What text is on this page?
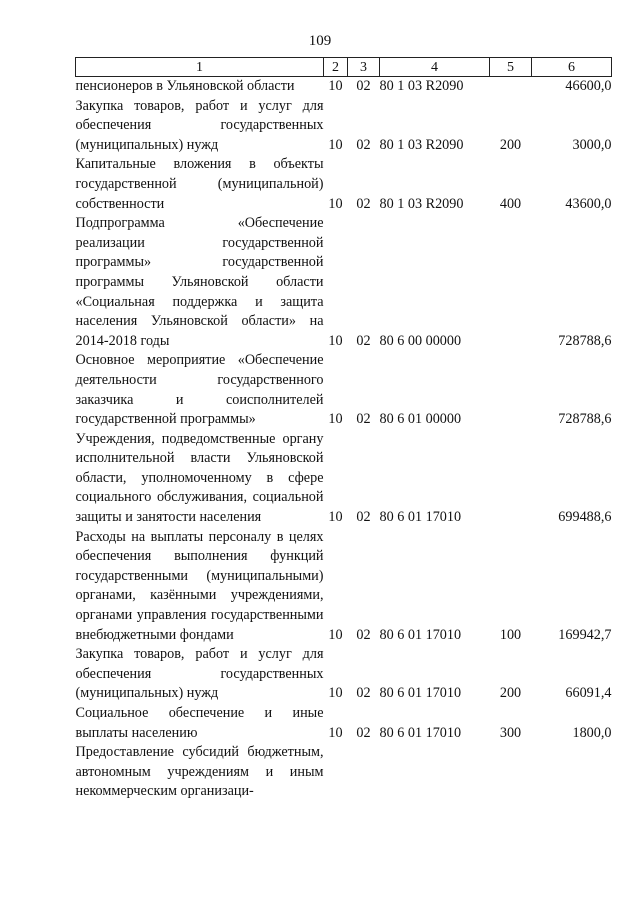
109
1	2	3	4	5	6
пенсионеров в Ульяновской области	10	02	80 1 03 R2090		46600,0
Закупка товаров, работ и услуг для обеспечения государственных (муниципальных) нужд	10	02	80 1 03 R2090	200	3000,0
Капитальные вложения в объекты государственной (муниципальной) собственности	10	02	80 1 03 R2090	400	43600,0
Подпрограмма «Обеспечение реализации государственной программы» государственной программы Ульяновской области «Социальная поддержка и защита населения Ульяновской области» на 2014-2018 годы	10	02	80 6 00 00000		728788,6
Основное мероприятие «Обеспечение деятельности государственного заказчика и соисполнителей государственной программы»	10	02	80 6 01 00000		728788,6
Учреждения, подведомственные органу исполнительной власти Ульяновской области, уполномоченному в сфере социального обслуживания, социальной защиты и занятости населения	10	02	80 6 01 17010		699488,6
Расходы на выплаты персоналу в целях обеспечения выполнения функций государственными (муниципальными) органами, казёнными учреждениями, органами управления государственными внебюджетными фондами	10	02	80 6 01 17010	100	169942,7
Закупка товаров, работ и услуг для обеспечения государственных (муниципальных) нужд	10	02	80 6 01 17010	200	66091,4
Социальное обеспечение и иные выплаты населению	10	02	80 6 01 17010	300	1800,0
Предоставление субсидий бюджетным, автономным учреждениям и иным некоммерческим организаци-					
